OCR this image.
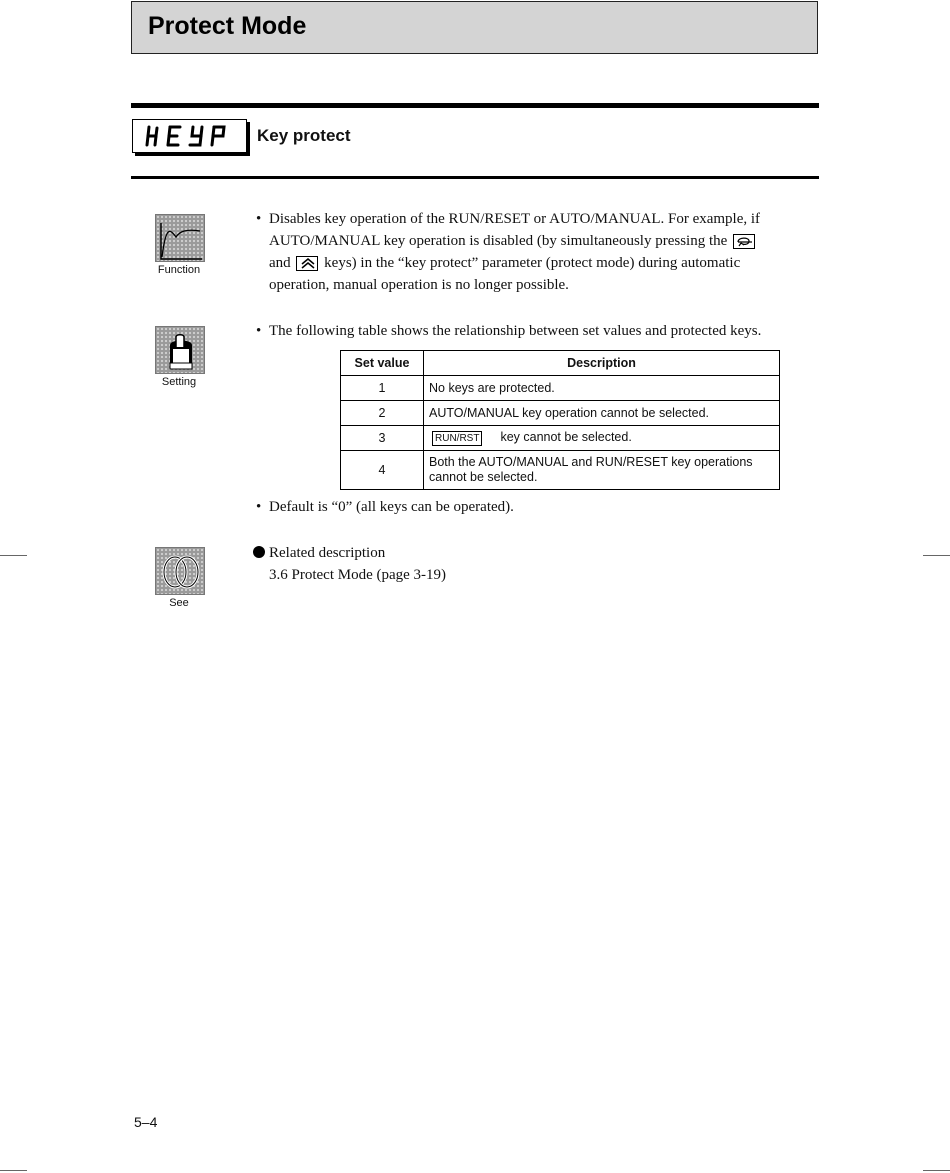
Protect Mode
Key protect
Function
• Disables key operation of the RUN/RESET or AUTO/MANUAL. For example, if
AUTO/MANUAL key operation is disabled (by simultaneously pressing the
and keys) in the “key protect” parameter (protect mode) during automatic
operation, manual operation is no longer possible.
Setting
• The following table shows the relationship between set values and protected keys.
Set value	Description
1	No keys are protected.
2	AUTO/MANUAL key operation cannot be selected.
3	RUN/RST key cannot be selected.
4	Both the AUTO/MANUAL and RUN/RESET key operations
cannot be selected.
• Default is “0” (all keys can be operated).
See
Related description
3.6 Protect Mode (page 3-19)
5–4
